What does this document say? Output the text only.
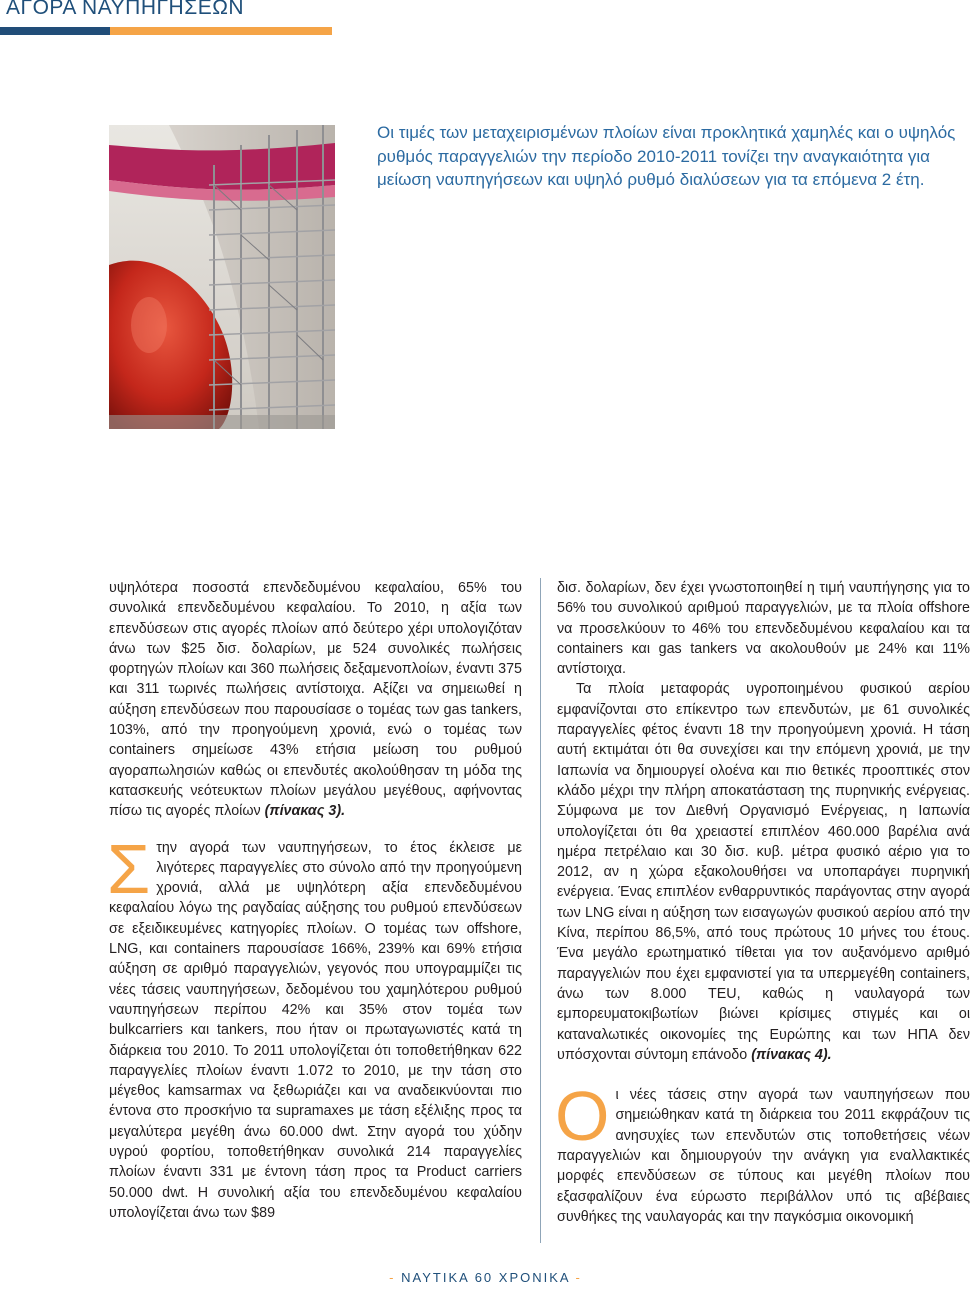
ΑΓΟΡΑ ΝΑΥΠΗΓΗΣΕΩΝ

Οι τιμές των μεταχειρισμένων πλοίων είναι προκλητικά χαμηλές και ο υψηλός ρυθμός παραγγελιών την περίοδο 2010-2011 τονίζει την αναγκαιότητα για μείωση ναυπηγήσεων και υψηλό ρυθμό διαλύσεων για τα επόμενα 2 έτη.

υψηλότερα ποσοστά επενδεδυμένου κεφαλαίου, 65% του συνολικά επενδεδυμένου κεφαλαίου. Το 2010, η αξία των επενδύσεων στις αγορές πλοίων από δεύτερο χέρι υπολογιζόταν άνω των $25 δισ. δολαρίων, με 524 συνολικές πωλήσεις φορτηγών πλοίων και 360 πωλήσεις δεξαμενοπλοίων, έναντι 375 και 311 τωρινές πωλήσεις αντίστοιχα. Αξίζει να σημειωθεί η αύξηση επενδύσεων που παρουσίασε ο τομέας των gas tankers, 103%, από την προηγούμενη χρονιά, ενώ ο τομέας των containers σημείωσε 43% ετήσια μείωση του ρυθμού αγοραπωλησιών καθώς οι επενδυτές ακολούθησαν τη μόδα της κατασκευής νεότευκτων πλοίων μεγάλου μεγέθους, αφήνοντας πίσω τις αγορές πλοίων (πίνακας 3).

Σ την αγορά των ναυπηγήσεων, το έτος έκλεισε με λιγότερες παραγγελίες στο σύνολο από την προηγούμενη χρονιά, αλλά με υψηλότερη αξία επενδεδυμένου κεφαλαίου λόγω της ραγδαίας αύξησης του ρυθμού επενδύσεων σε εξειδικευμένες κατηγορίες πλοίων. Ο τομέας των offshore, LNG, και containers παρουσίασε 166%, 239% και 69% ετήσια αύξηση σε αριθμό παραγγελιών, γεγονός που υπογραμμίζει τις νέες τάσεις ναυπηγήσεων, δεδομένου του χαμηλότερου ρυθμού ναυπηγήσεων περίπου 42% και 35% στον τομέα των bulkcarriers και tankers, που ήταν οι πρωταγωνιστές κατά τη διάρκεια του 2010. Το 2011 υπολογίζεται ότι τοποθετήθηκαν 622 παραγγελίες πλοίων έναντι 1.072 το 2010, με την τάση στο μέγεθος kamsarmax να ξεθωριάζει και να αναδεικνύονται πιο έντονα στο προσκήνιο τα supramaxes με τάση εξέλιξης προς τα μεγαλύτερα μεγέθη άνω 60.000 dwt. Στην αγορά του χύδην υγρού φορτίου, τοποθετήθηκαν συνολικά 214 παραγγελίες πλοίων έναντι 331 με έντονη τάση προς τα Product carriers 50.000 dwt. Η συνολική αξία του επενδεδυμένου κεφαλαίου υπολογίζεται άνω των $89

δισ. δολαρίων, δεν έχει γνωστοποιηθεί η τιμή ναυπήγησης για το 56% του συνολικού αριθμού παραγγελιών, με τα πλοία offshore να προσελκύουν το 46% του επενδεδυμένου κεφαλαίου και τα containers και gas tankers να ακολουθούν με 24% και 11% αντίστοιχα.

Τα πλοία μεταφοράς υγροποιημένου φυσικού αερίου εμφανίζονται στο επίκεντρο των επενδυτών, με 61 συνολικές παραγγελίες φέτος έναντι 18 την προηγούμενη χρονιά. Η τάση αυτή εκτιμάται ότι θα συνεχίσει και την επόμενη χρονιά, με την Ιαπωνία να δημιουργεί ολοένα και πιο θετικές προοπτικές στον κλάδο μέχρι την πλήρη αποκατάσταση της πυρηνικής ενέργειας. Σύμφωνα με τον Διεθνή Οργανισμό Ενέργειας, η Ιαπωνία υπολογίζεται ότι θα χρειαστεί επιπλέον 460.000 βαρέλια ανά ημέρα πετρέλαιο και 30 δισ. κυβ. μέτρα φυσικό αέριο για το 2012, αν η χώρα εξακολουθήσει να υποπαράγει πυρηνική ενέργεια. Ένας επιπλέον ενθαρρυντικός παράγοντας στην αγορά των LNG είναι η αύξηση των εισαγωγών φυσικού αερίου από την Κίνα, περίπου 86,5%, από τους πρώτους 10 μήνες του έτους. Ένα μεγάλο ερωτηματικό τίθεται για τον αυξανόμενο αριθμό παραγγελιών που έχει εμφανιστεί για τα υπερμεγέθη containers, άνω των 8.000 TEU, καθώς η ναυλαγορά των εμπορευματοκιβωτίων βιώνει κρίσιμες στιγμές και οι καταναλωτικές οικονομίες της Ευρώπης και των ΗΠΑ δεν υπόσχονται σύντομη επάνοδο (πίνακας 4).

Ο ι νέες τάσεις στην αγορά των ναυπηγήσεων που σημειώθηκαν κατά τη διάρκεια του 2011 εκφράζουν τις ανησυχίες των επενδυτών στις τοποθετήσεις νέων παραγγελιών και δημιουργούν την ανάγκη για εναλλακτικές μορφές επενδύσεων σε τύπους και μεγέθη πλοίων που εξασφαλίζουν ένα εύρωστο περιβάλλον υπό τις αβέβαιες συνθήκες της ναυλαγοράς και την παγκόσμια οικονομική
- ΝΑΥΤΙΚΑ 60 ΧΡΟΝΙΚΑ -
